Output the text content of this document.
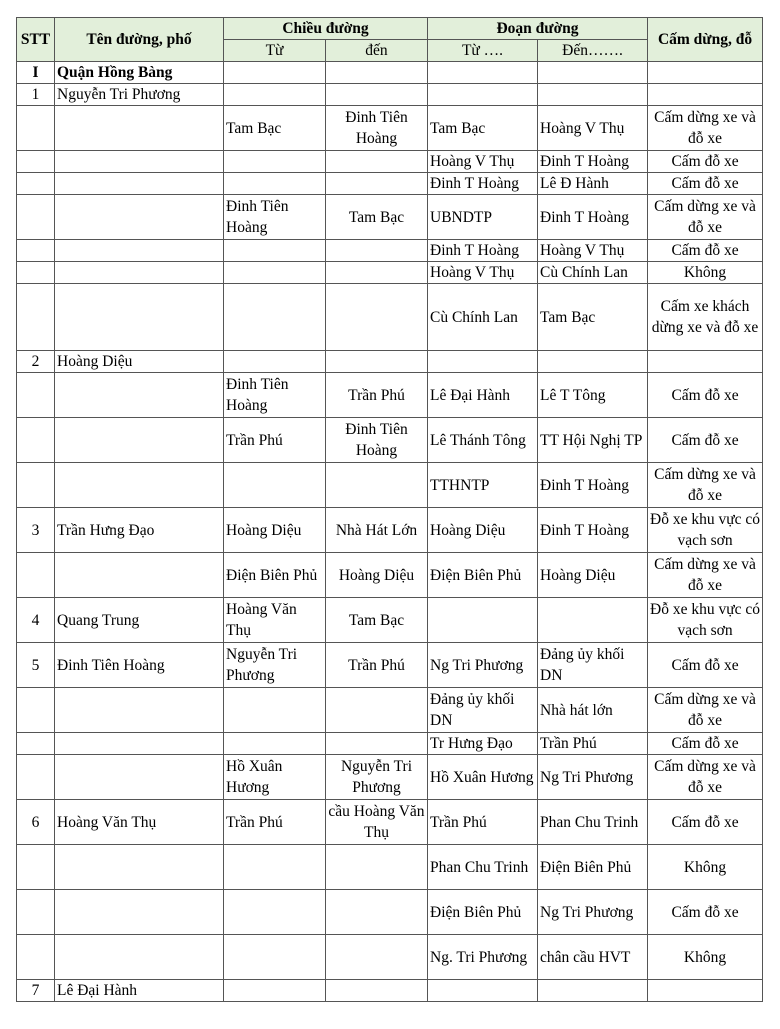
STT	Tên đường, phố	Chiều đường		Đoạn đường		Cấm dừng, đỗ
		Từ	đến	Từ ….	Đến…….	
I	Quận Hồng Bàng					
1	Nguyễn Tri Phương					
		Tam Bạc	Đinh Tiên Hoàng	Tam Bạc	Hoàng V Thụ	Cấm dừng xe và đỗ xe
				Hoàng V Thụ	Đinh T Hoàng	Cấm đỗ xe
				Đinh T Hoàng	Lê Đ Hành	Cấm đỗ xe
		Đinh Tiên Hoàng	Tam Bạc	UBNDTP	Đinh T Hoàng	Cấm dừng xe và đỗ xe
				Đinh T Hoàng	Hoàng V Thụ	Cấm đỗ xe
				Hoàng V Thụ	Cù Chính Lan	Không
				Cù Chính Lan	Tam Bạc	Cấm xe khách dừng xe và đỗ xe
2	Hoàng Diệu					
		Đinh Tiên Hoàng	Trần Phú	Lê Đại Hành	Lê T Tông	Cấm đỗ xe
		Trần Phú	Đinh Tiên Hoàng	Lê Thánh Tông	TT Hội Nghị TP	Cấm đỗ xe
				TTHNTP	Đinh T Hoàng	Cấm dừng xe và đỗ xe
3	Trần Hưng Đạo	Hoàng Diệu	Nhà Hát Lớn	Hoàng Diệu	Đinh T Hoàng	Đỗ xe khu vực có vạch sơn
		Điện Biên Phủ	Hoàng Diệu	Điện Biên Phủ	Hoàng Diệu	Cấm dừng xe và đỗ xe
4	Quang Trung	Hoàng Văn Thụ	Tam Bạc			Đỗ xe khu vực có vạch sơn
5	Đinh Tiên Hoàng	Nguyễn Tri Phương	Trần Phú	Ng Tri Phương	Đảng ủy khối DN	Cấm đỗ xe
				Đảng ủy khối DN	Nhà hát lớn	Cấm dừng xe và đỗ xe
				Tr Hưng Đạo	Trần Phú	Cấm đỗ xe
		Hồ Xuân Hương	Nguyễn Tri Phương	Hồ Xuân Hương	Ng Tri Phương	Cấm dừng xe và đỗ xe
6	Hoàng Văn Thụ	Trần Phú	cầu Hoàng Văn Thụ	Trần Phú	Phan Chu Trinh	Cấm đỗ xe
				Phan Chu Trinh	Điện Biên Phủ	Không
				Điện Biên Phủ	Ng Tri Phương	Cấm đỗ xe
				Ng. Tri Phương	chân cầu HVT	Không
7	Lê Đại Hành					
